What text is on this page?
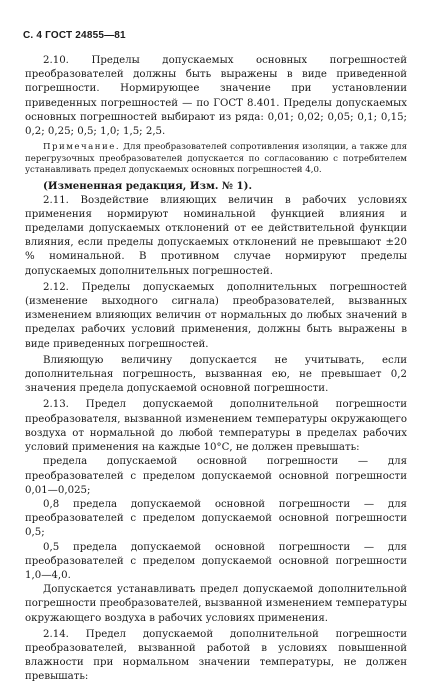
С. 4 ГОСТ 24855—81

2.10. Пределы допускаемых основных погрешностей преобразователей должны быть выражены в виде приведенной погрешности. Нормирующее значение при установлении приведенных погрешностей — по ГОСТ 8.401. Пределы допускаемых основных погрешностей выбирают из ряда: 0,01; 0,02; 0,05; 0,1; 0,15; 0,2; 0,25; 0,5; 1,0; 1,5; 2,5.

Примечание. Для преобразователей сопротивления изоляции, а также для перегрузочных преобразователей допускается по согласованию с потребителем устанавливать предел допускаемых основных погрешностей 4,0.

(Измененная редакция, Изм. № 1).

2.11. Воздействие влияющих величин в рабочих условиях применения нормируют номинальной функцией влияния и пределами допускаемых отклонений от ее действительной функции влияния, если пределы допускаемых отклонений не превышают ±20 % номинальной. В противном случае нормируют пределы допускаемых дополнительных погрешностей.

2.12. Пределы допускаемых дополнительных погрешностей (изменение выходного сигнала) преобразователей, вызванных изменением влияющих величин от нормальных до любых значений в пределах рабочих условий применения, должны быть выражены в виде приведенных погрешностей.

Влияющую величину допускается не учитывать, если дополнительная погрешность, вызванная ею, не превышает 0,2 значения предела допускаемой основной погрешности.

2.13. Предел допускаемой дополнительной погрешности преобразователя, вызванной изменением температуры окружающего воздуха от нормальной до любой температуры в пределах рабочих условий применения на каждые 10°С, не должен превышать:

предела допускаемой основной погрешности — для преобразователей с пределом допускаемой основной погрешности 0,01—0,025;

0,8 предела допускаемой основной погрешности — для преобразователей с пределом допускаемой основной погрешности 0,5;

0,5 предела допускаемой основной погрешности — для преобразователей с пределом допускаемой основной погрешности 1,0—4,0.

Допускается устанавливать предел допускаемой дополнительной погрешности преобразователей, вызванной изменением температуры окружающего воздуха в рабочих условиях применения.

2.14. Предел допускаемой дополнительной погрешности преобразователей, вызванной работой в условиях повышенной влажности при нормальном значении температуры, не должен превышать:
